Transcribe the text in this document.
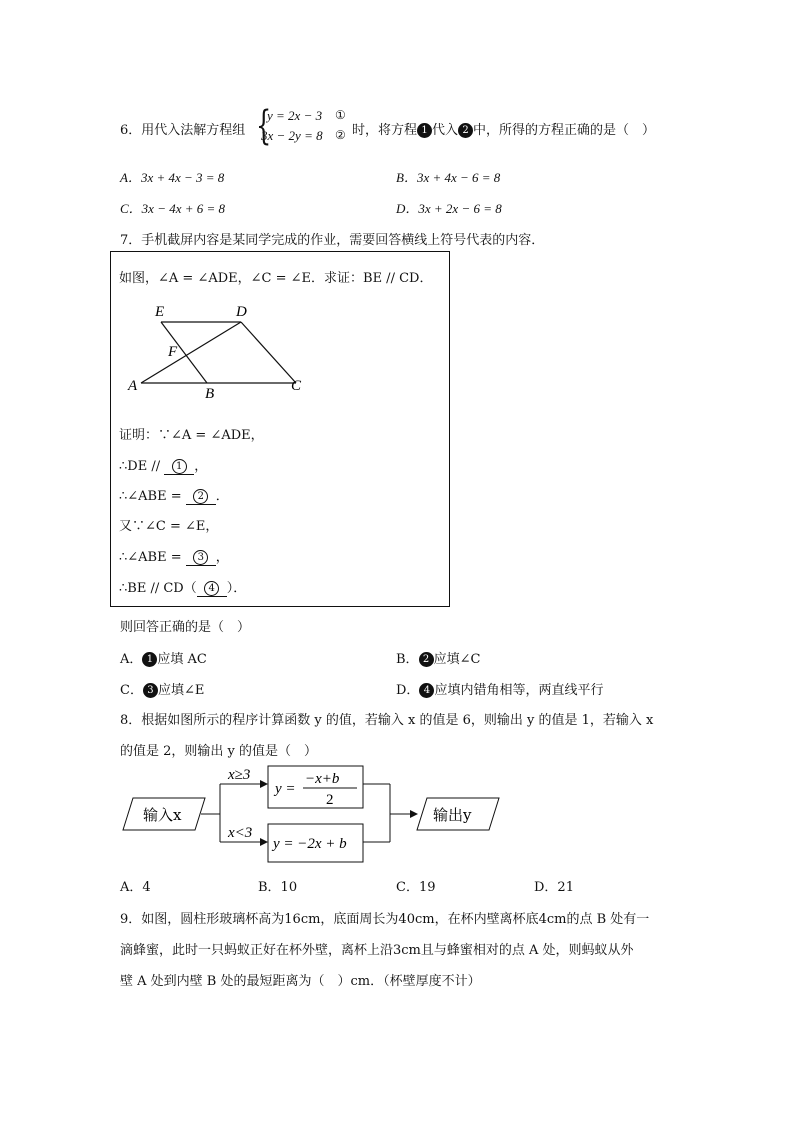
6．用代入法解方程组 {
y = 2x − 3 ①
3x − 2y = 8 ② 时，将方程 1 代入 2 中，所得的方程正确的是（　）
A．3x + 4x − 3 = 8	B．3x + 4x − 6 = 8
C．3x − 4x + 6 = 8	D．3x + 2x − 6 = 8
7．手机截屏内容是某同学完成的作业，需要回答横线上符号代表的内容．
如图，∠A = ∠ADE，∠C = ∠E．求证：BE // CD．
E	D
F
A	B	C
证明：∵∠A = ∠ADE，
∴DE // 1 ，
∴∠ABE = 2 ．
又∵∠C = ∠E，
∴∠ABE = 3 ，
∴BE // CD（ 4 ）．
则回答正确的是（　）
A． 1 应填 AC	B． 2 应填∠C
C． 3 应填∠E	D． 4 应填内错角相等，两直线平行
8．根据如图所示的程序计算函数 y 的值，若输入 x 的值是 6，则输出 y 的值是 1，若输入 x
的值是 2，则输出 y 的值是（　）
输入x
x≥3
x<3
y =
−x+b
2
y = −2x + b
输出y
A．4	B．10	C．19	D．21
9．如图，圆柱形玻璃杯高为16cm，底面周长为40cm，在杯内壁离杯底4cm的点 B 处有一
滴蜂蜜，此时一只蚂蚁正好在杯外壁，离杯上沿3cm且与蜂蜜相对的点 A 处，则蚂蚁从外
壁 A 处到内壁 B 处的最短距离为（　）cm．（杯壁厚度不计）
